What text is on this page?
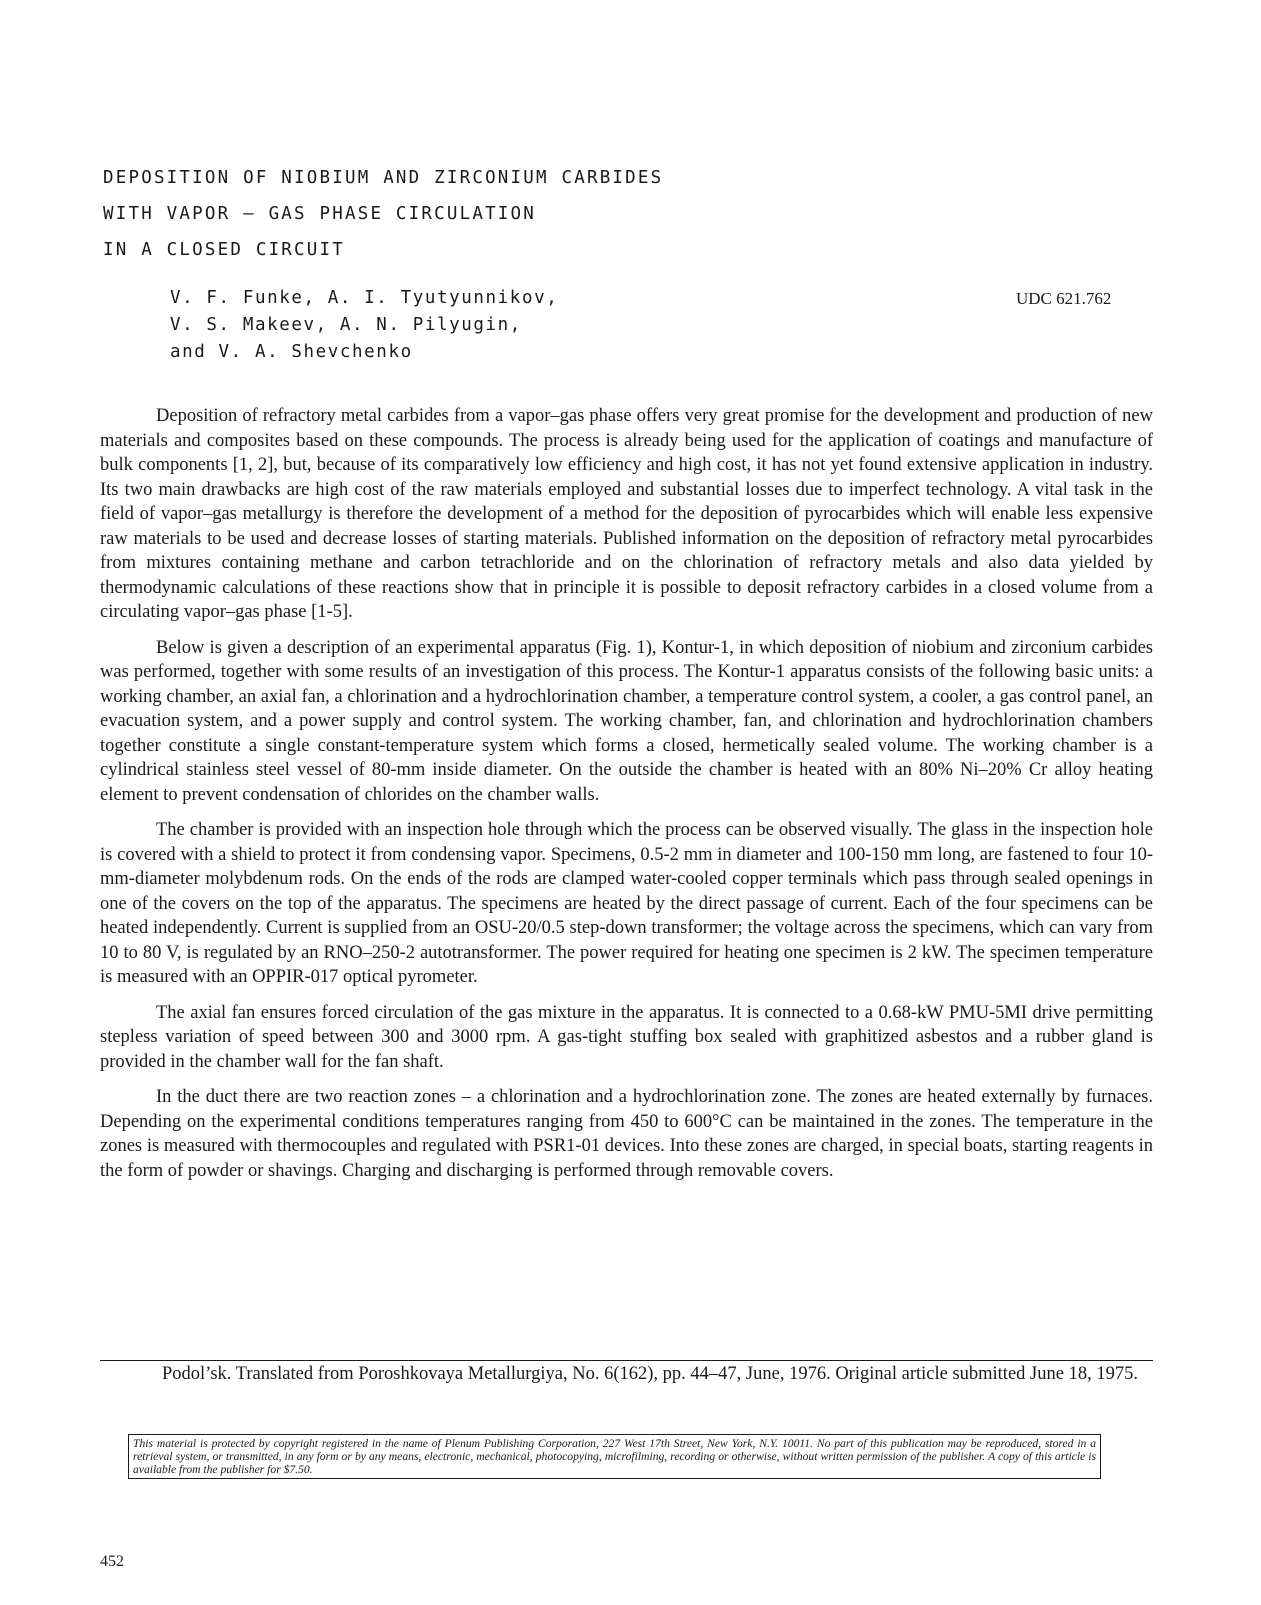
DEPOSITION OF NIOBIUM AND ZIRCONIUM CARBIDES
WITH VAPOR – GAS PHASE CIRCULATION
IN A CLOSED CIRCUIT
V. F. Funke, A. I. Tyutyunnikov,
V. S. Makeev, A. N. Pilyugin,
and V. A. Shevchenko
UDC 621.762

Deposition of refractory metal carbides from a vapor–gas phase offers very great promise for the development and production of new materials and composites based on these compounds. The process is already being used for the application of coatings and manufacture of bulk components [1, 2], but, because of its comparatively low efficiency and high cost, it has not yet found extensive application in industry. Its two main drawbacks are high cost of the raw materials employed and substantial losses due to imperfect technology. A vital task in the field of vapor–gas metallurgy is therefore the development of a method for the deposition of pyrocarbides which will enable less expensive raw materials to be used and decrease losses of starting materials. Published information on the deposition of refractory metal pyrocarbides from mixtures containing methane and carbon tetrachloride and on the chlorination of refractory metals and also data yielded by thermodynamic calculations of these reactions show that in principle it is possible to deposit refractory carbides in a closed volume from a circulating vapor–gas phase [1-5].

Below is given a description of an experimental apparatus (Fig. 1), Kontur-1, in which deposition of niobium and zirconium carbides was performed, together with some results of an investigation of this process. The Kontur-1 apparatus consists of the following basic units: a working chamber, an axial fan, a chlorination and a hydrochlorination chamber, a temperature control system, a cooler, a gas control panel, an evacuation system, and a power supply and control system. The working chamber, fan, and chlorination and hydrochlorination chambers together constitute a single constant-temperature system which forms a closed, hermetically sealed volume. The working chamber is a cylindrical stainless steel vessel of 80-mm inside diameter. On the outside the chamber is heated with an 80% Ni–20% Cr alloy heating element to prevent condensation of chlorides on the chamber walls.

The chamber is provided with an inspection hole through which the process can be observed visually. The glass in the inspection hole is covered with a shield to protect it from condensing vapor. Specimens, 0.5-2 mm in diameter and 100-150 mm long, are fastened to four 10-mm-diameter molybdenum rods. On the ends of the rods are clamped water-cooled copper terminals which pass through sealed openings in one of the covers on the top of the apparatus. The specimens are heated by the direct passage of current. Each of the four specimens can be heated independently. Current is supplied from an OSU-20/0.5 step-down transformer; the voltage across the specimens, which can vary from 10 to 80 V, is regulated by an RNO–250-2 autotransformer. The power required for heating one specimen is 2 kW. The specimen temperature is measured with an OPPIR-017 optical pyrometer.

The axial fan ensures forced circulation of the gas mixture in the apparatus. It is connected to a 0.68-kW PMU-5MI drive permitting stepless variation of speed between 300 and 3000 rpm. A gas-tight stuffing box sealed with graphitized asbestos and a rubber gland is provided in the chamber wall for the fan shaft.

In the duct there are two reaction zones – a chlorination and a hydrochlorination zone. The zones are heated externally by furnaces. Depending on the experimental conditions temperatures ranging from 450 to 600°C can be maintained in the zones. The temperature in the zones is measured with thermocouples and regulated with PSR1-01 devices. Into these zones are charged, in special boats, starting reagents in the form of powder or shavings. Charging and discharging is performed through removable covers.

Podol’sk. Translated from Poroshkovaya Metallurgiya, No. 6(162), pp. 44–47, June, 1976. Original article submitted June 18, 1975.

This material is protected by copyright registered in the name of Plenum Publishing Corporation, 227 West 17th Street, New York, N.Y. 10011. No part of this publication may be reproduced, stored in a retrieval system, or transmitted, in any form or by any means, electronic, mechanical, photocopying, microfilming, recording or otherwise, without written permission of the publisher. A copy of this article is available from the publisher for $7.50.
452
